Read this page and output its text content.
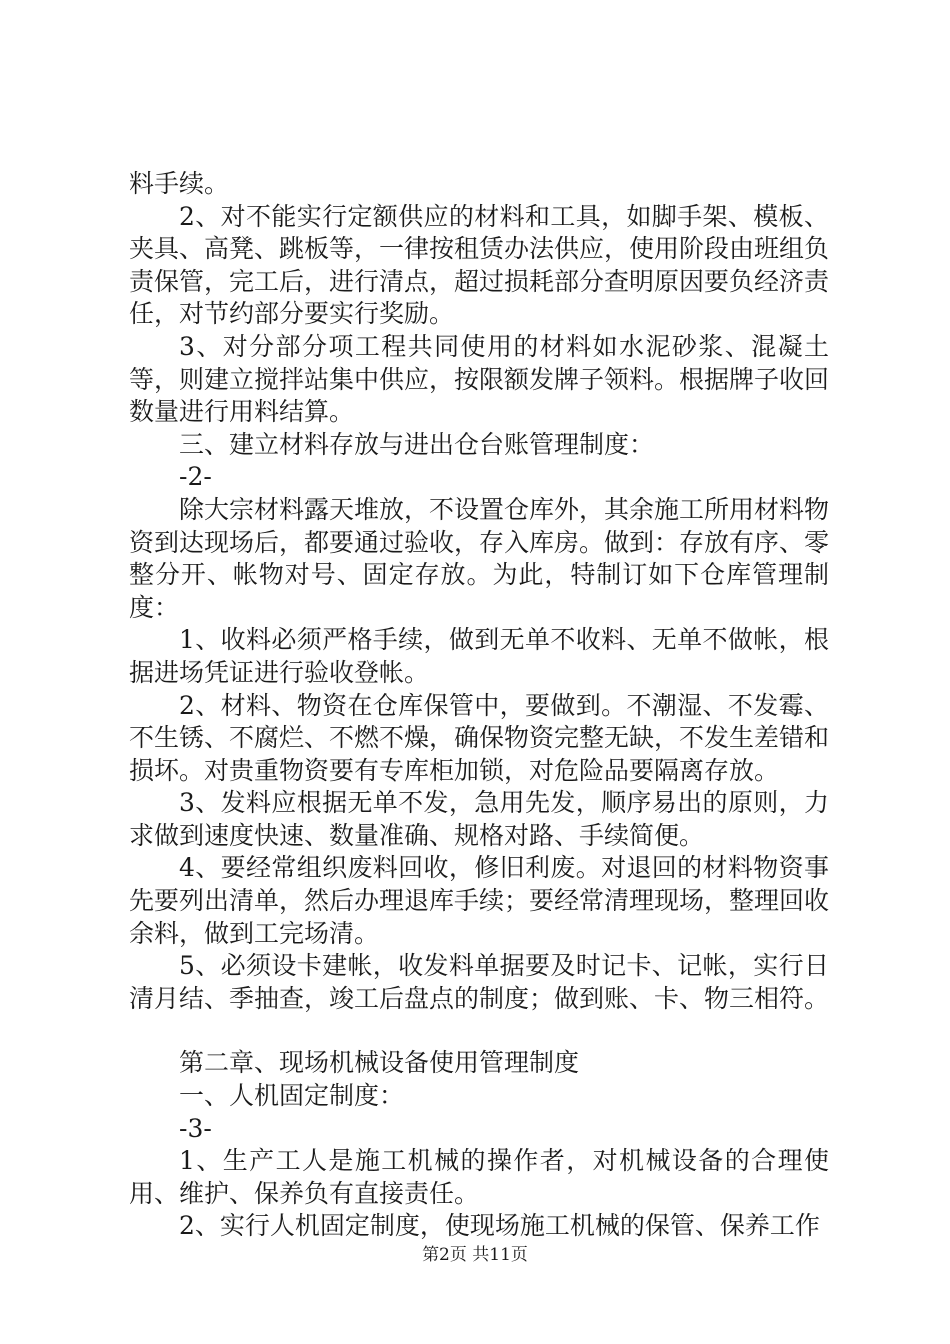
料手续。

2、对不能实行定额供应的材料和工具，如脚手架、模板、夹具、高凳、跳板等，一律按租赁办法供应，使用阶段由班组负责保管，完工后，进行清点，超过损耗部分查明原因要负经济责任，对节约部分要实行奖励。

3、对分部分项工程共同使用的材料如水泥砂浆、混凝土等，则建立搅拌站集中供应，按限额发牌子领料。根据牌子收回数量进行用料结算。

三、建立材料存放与进出仓台账管理制度：

-2-

除大宗材料露天堆放，不设置仓库外，其余施工所用材料物资到达现场后，都要通过验收，存入库房。做到：存放有序、零整分开、帐物对号、固定存放。为此，特制订如下仓库管理制度：

1、收料必须严格手续，做到无单不收料、无单不做帐，根据进场凭证进行验收登帐。

2、材料、物资在仓库保管中，要做到。不潮湿、不发霉、不生锈、不腐烂、不燃不燥，确保物资完整无缺，不发生差错和损坏。对贵重物资要有专库柜加锁，对危险品要隔离存放。

3、发料应根据无单不发，急用先发，顺序易出的原则，力求做到速度快速、数量准确、规格对路、手续简便。

4、要经常组织废料回收，修旧利废。对退回的材料物资事先要列出清单，然后办理退库手续；要经常清理现场，整理回收余料，做到工完场清。

5、必须设卡建帐，收发料单据要及时记卡、记帐，实行日清月结、季抽查，竣工后盘点的制度；做到账、卡、物三相符。

第二章、现场机械设备使用管理制度

一、人机固定制度：

-3-

1、生产工人是施工机械的操作者，对机械设备的合理使用、维护、保养负有直接责任。

2、实行人机固定制度，使现场施工机械的保管、保养工作

第2页 共11页
